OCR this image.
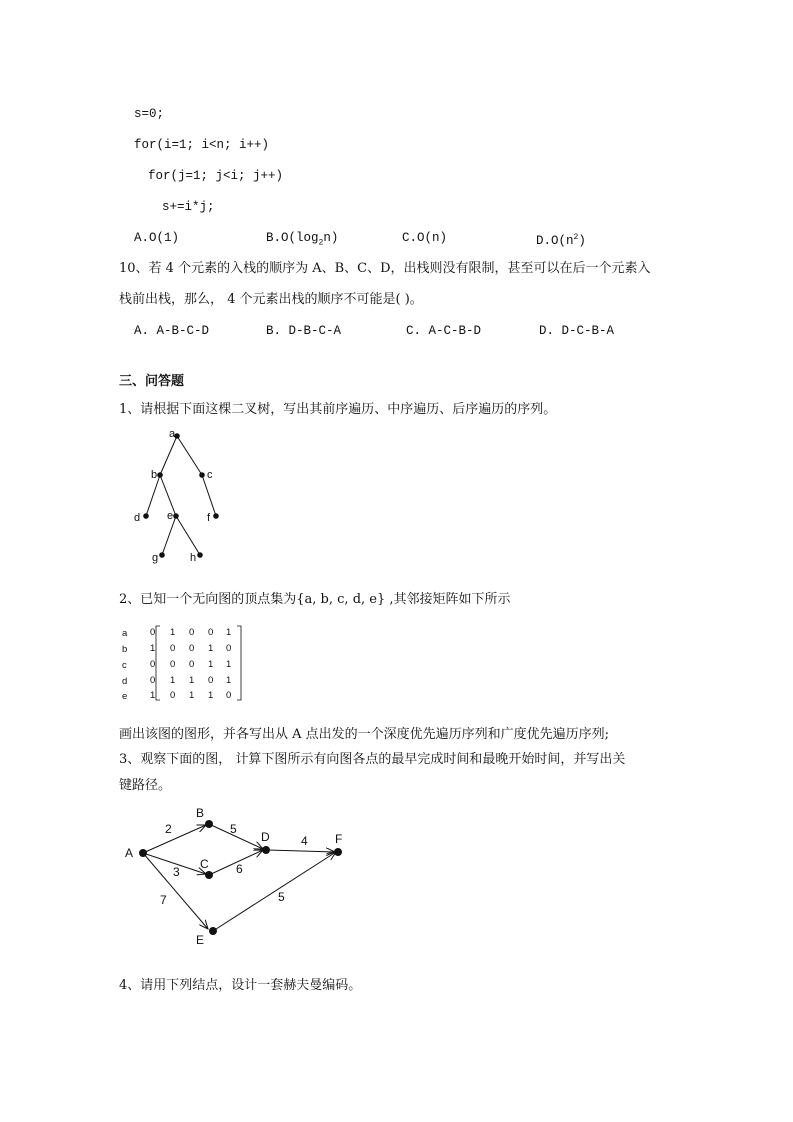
s=0;
for(i=1; i<n; i++)
for(j=1; j<i; j++)
s+=i*j;
A.O(1)	$B.O(\log_2n)$	C.O(n)	$D.O(n^2)$
10、若 4 个元素的入栈的顺序为 A、B、C、D，出栈则没有限制，甚至可以在后一个元素入
栈前出栈，那么， 4 个元素出栈的顺序不可能是( )。
A. A-B-C-D	B. D-B-C-A	C. A-C-B-D	D. D-C-B-A
三、问答题
1、请根据下面这棵二叉树，写出其前序遍历、中序遍历、后序遍历的序列。
a
b	c
d e	f
g	h
2、已知一个无向图的顶点集为{a, b, c, d, e} ,其邻接矩阵如下所示
a 0 1 0 0 1
b 1 0 0 1 0
c 0 0 0 1 1
d 0 1 1 0 1
e 1 0 1 1 0
画出该图的图形，并各写出从 A 点出发的一个深度优先遍历序列和广度优先遍历序列;
3、观察下面的图， 计算下图所示有向图各点的最早完成时间和最晚开始时间，并写出关
键路径。
A
B
C
D
E
F
2	5
3	6
4
7	5
4、请用下列结点，设计一套赫夫曼编码。
